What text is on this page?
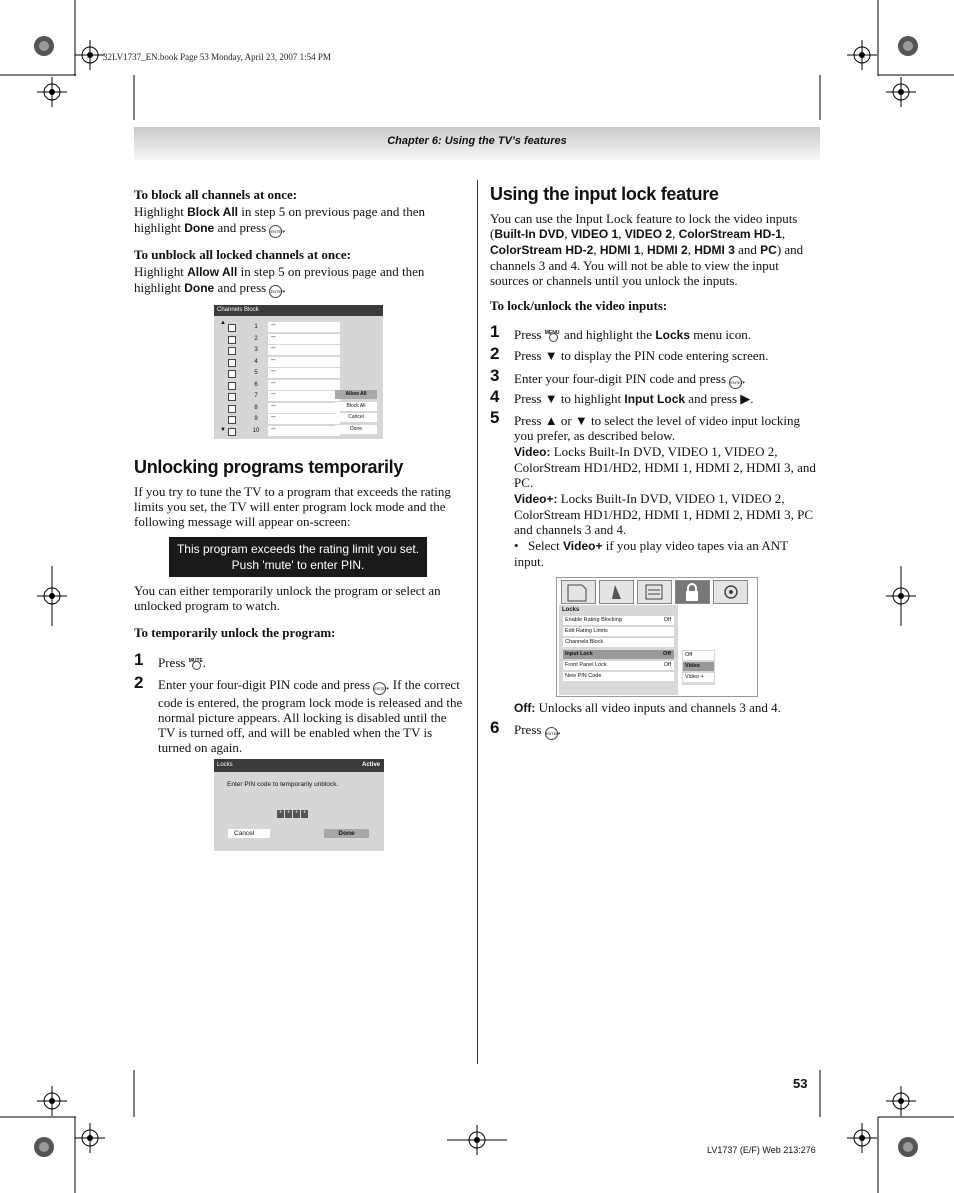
32LV1737_EN.book Page 53 Monday, April 23, 2007 1:54 PM
Chapter 6: Using the TV’s features
To block all channels at once:

Highlight Block All in step 5 on previous page and then highlight Done and press ENTER.

To unblock all locked channels at once:

Highlight Allow All in step 5 on previous page and then highlight Done and press ENTER.

Channels Block
▲
▼
1	--
2	--
3	--
4	--
5	--
6	--
7	--
8	--
9	--
10	--
Allow All
Block All
Cancel
Done
Unlocking programs temporarily

If you try to tune the TV to a program that exceeds the rating limits you set, the TV will enter program lock mode and the following message will appear on-screen:

This program exceeds the rating limit you set.
Push 'mute' to enter PIN.

You can either temporarily unlock the program or select an unlocked program to watch.

To temporarily unlock the program:
1 Press MUTE .

2 Enter your four-digit PIN code and press ENTER. If the correct code is entered, the program lock mode is released and the normal picture appears. All locking is disabled until the TV is turned off, and will be enabled when the TV is turned on again.

Locks	Active
Enter PIN code to temporarily unblock.
* * * *
Cancel	Done
Using the input lock feature

You can use the Input Lock feature to lock the video inputs (Built-In DVD, VIDEO 1, VIDEO 2, ColorStream HD-1, ColorStream HD-2, HDMI 1, HDMI 2, HDMI 3 and PC) and channels 3 and 4. You will not be able to view the input sources or channels until you unlock the inputs.

To lock/unlock the video inputs:
1 Press MENU and highlight the Locks menu icon.

2 Press ▼ to display the PIN code entering screen.

3 Enter your four-digit PIN code and press ENTER.

4 Press ▼ to highlight Input Lock and press ▶.

5 Press ▲ or ▼ to select the level of video input locking you prefer, as described below.

Video: Locks Built-In DVD, VIDEO 1, VIDEO 2, ColorStream HD1/HD2, HDMI 1, HDMI 2, HDMI 3, and PC.

Video+: Locks Built-In DVD, VIDEO 1, VIDEO 2, ColorStream HD1/HD2, HDMI 1, HDMI 2, HDMI 3, PC and channels 3 and 4.

• Select Video+ if you play video tapes via an ANT input.

Locks
Enable Rating Blocking	Off
Edit Rating Limits
Channels Block
Input Lock	Off
Front Panel Lock	Off
New PIN Code
Off
Video
Video +

Off: Unlocks all video inputs and channels 3 and 4.

6 Press ENTER.

53
LV1737 (E/F) Web 213:276
